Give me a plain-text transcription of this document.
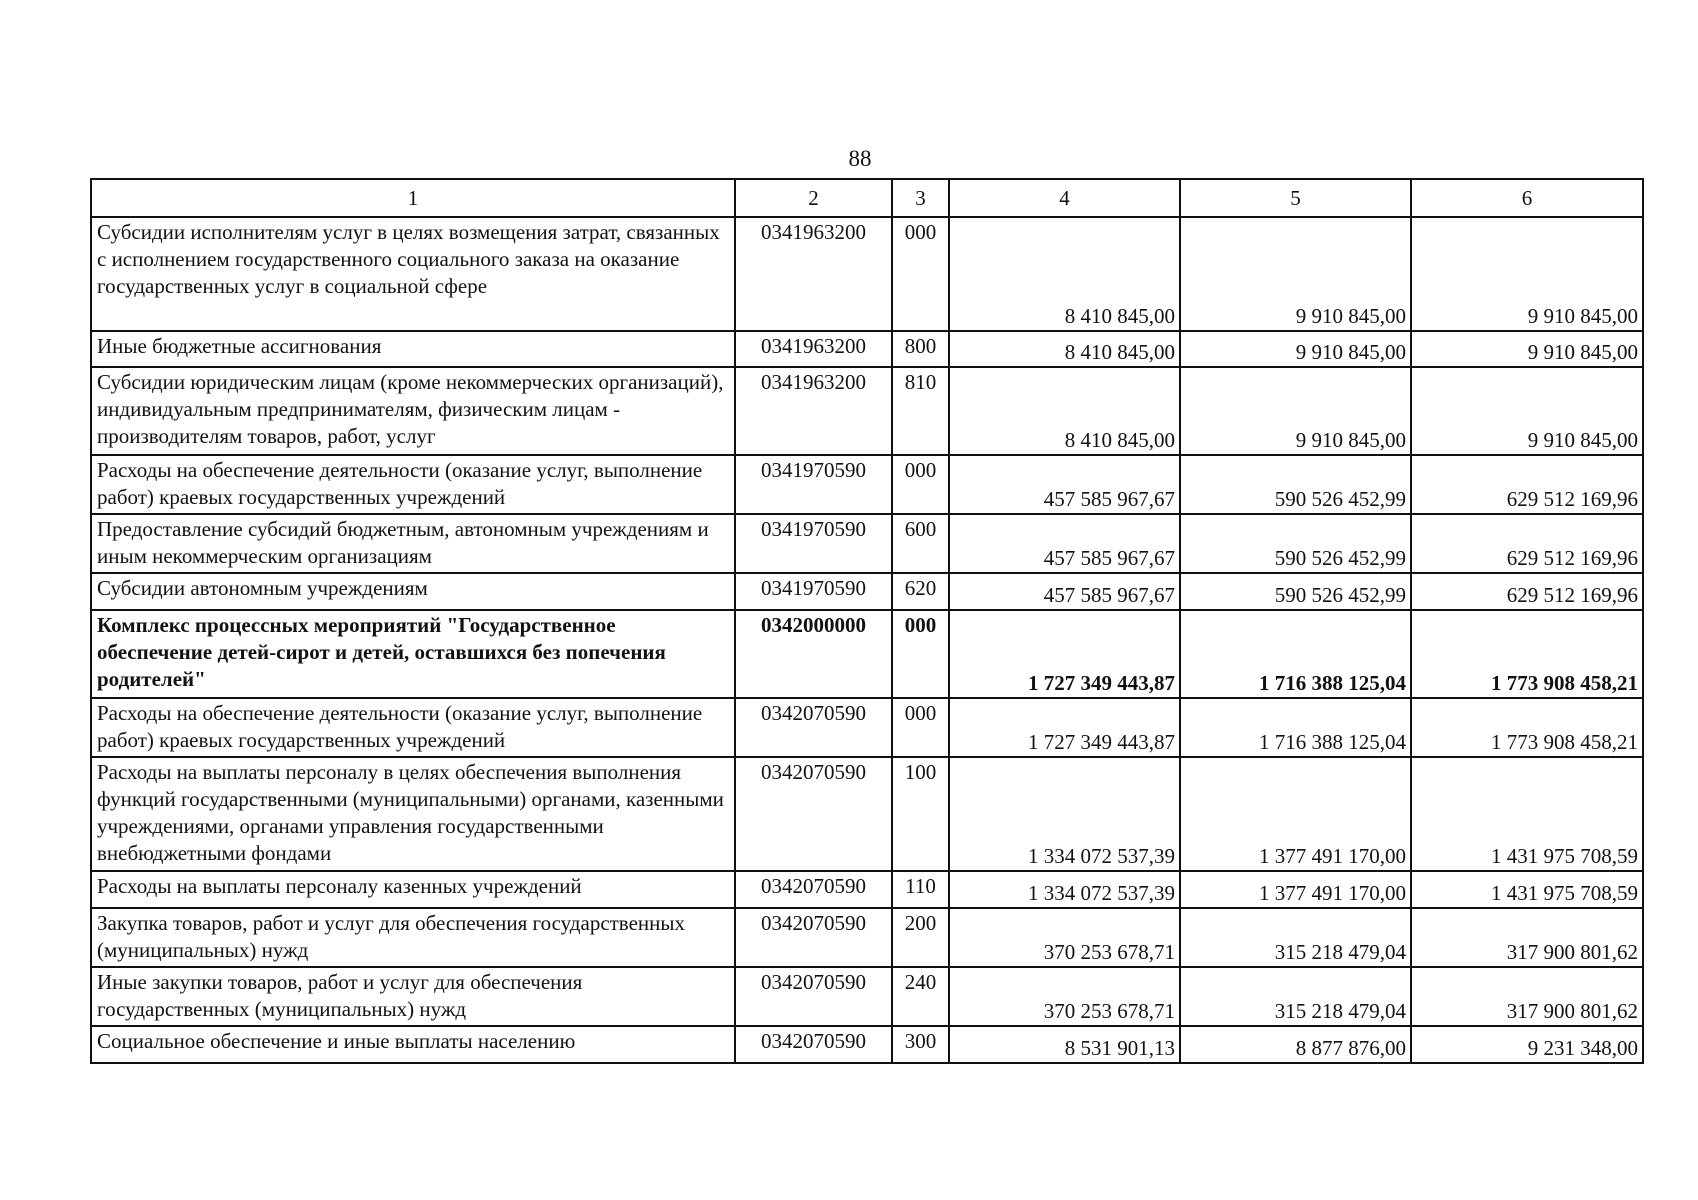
88
1	2	3	4	5	6
Субсидии исполнителям услуг в целях возмещения затрат, связанных с исполнением государственного социального заказа на оказание государственных услуг в социальной сфере	0341963200	000	8 410 845,00	9 910 845,00	9 910 845,00
Иные бюджетные ассигнования	0341963200	800	8 410 845,00	9 910 845,00	9 910 845,00
Субсидии юридическим лицам (кроме некоммерческих организаций), индивидуальным предпринимателям, физическим лицам - производителям товаров, работ, услуг	0341963200	810	8 410 845,00	9 910 845,00	9 910 845,00
Расходы на обеспечение деятельности (оказание услуг, выполнение работ) краевых государственных учреждений	0341970590	000	457 585 967,67	590 526 452,99	629 512 169,96
Предоставление субсидий бюджетным, автономным учреждениям и иным некоммерческим организациям	0341970590	600	457 585 967,67	590 526 452,99	629 512 169,96
Субсидии автономным учреждениям	0341970590	620	457 585 967,67	590 526 452,99	629 512 169,96
Комплекс процессных мероприятий "Государственное обеспечение детей-сирот и детей, оставшихся без попечения родителей"	0342000000	000	1 727 349 443,87	1 716 388 125,04	1 773 908 458,21
Расходы на обеспечение деятельности (оказание услуг, выполнение работ) краевых государственных учреждений	0342070590	000	1 727 349 443,87	1 716 388 125,04	1 773 908 458,21
Расходы на выплаты персоналу в целях обеспечения выполнения функций государственными (муниципальными) органами, казенными учреждениями, органами управления государственными внебюджетными фондами	0342070590	100	1 334 072 537,39	1 377 491 170,00	1 431 975 708,59
Расходы на выплаты персоналу казенных учреждений	0342070590	110	1 334 072 537,39	1 377 491 170,00	1 431 975 708,59
Закупка товаров, работ и услуг для обеспечения государственных (муниципальных) нужд	0342070590	200	370 253 678,71	315 218 479,04	317 900 801,62
Иные закупки товаров, работ и услуг для обеспечения государственных (муниципальных) нужд	0342070590	240	370 253 678,71	315 218 479,04	317 900 801,62
Социальное обеспечение и иные выплаты населению	0342070590	300	8 531 901,13	8 877 876,00	9 231 348,00
